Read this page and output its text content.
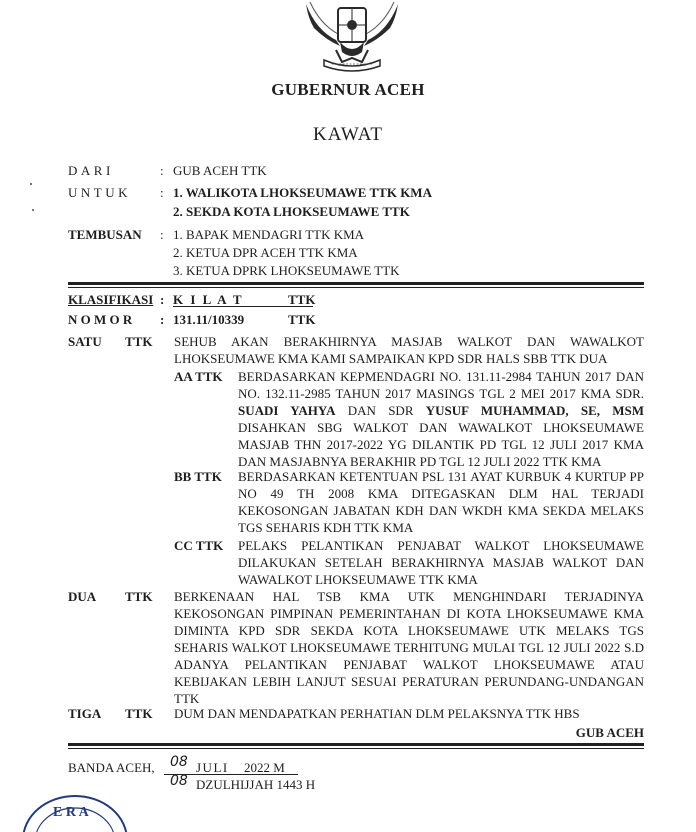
GUBERNUR ACEH
KAWAT
DARI	: GUB ACEH TTK
UNTUK : 1. WALIKOTA LHOKSEUMAWE TTK KMA
2. SEKDA KOTA LHOKSEUMAWE TTK
TEMBUSAN : 1. BAPAK MENDAGRI TTK KMA
2. KETUA DPR ACEH TTK KMA
3. KETUA DPRK LHOKSEUMAWE TTK
KLASIFIKASI : K I L A T	TTK
N O M O R : 131.11/10339	TTK
SATU TTK SEHUB AKAN BERAKHIRNYA MASJAB WALKOT DAN WAWALKOT LHOKSEUMAWE KMA KAMI SAMPAIKAN KPD SDR HALS SBB TTK DUA
AA TTK BERDASARKAN KEPMENDAGRI NO. 131.11-2984 TAHUN 2017 DAN NO. 132.11-2985 TAHUN 2017 MASINGS TGL 2 MEI 2017 KMA SDR. SUADI YAHYA DAN SDR YUSUF MUHAMMAD, SE, MSM DISAHKAN SBG WALKOT DAN WAWALKOT LHOKSEUMAWE MASJAB THN 2017-2022 YG DILANTIK PD TGL 12 JULI 2017 KMA DAN MASJABNYA BERAKHIR PD TGL 12 JULI 2022 TTK KMA
BB TTK BERDASARKAN KETENTUAN PSL 131 AYAT KURBUK 4 KURTUP PP NO 49 TH 2008 KMA DITEGASKAN DLM HAL TERJADI KEKOSONGAN JABATAN KDH DAN WKDH KMA SEKDA MELAKS TGS SEHARIS KDH TTK KMA
CC TTK PELAKS PELANTIKAN PENJABAT WALKOT LHOKSEUMAWE DILAKUKAN SETELAH BERAKHIRNYA MASJAB WALKOT DAN WAWALKOT LHOKSEUMAWE TTK KMA
DUA TTK BERKENAAN HAL TSB KMA UTK MENGHINDARI TERJADINYA KEKOSONGAN PIMPINAN PEMERINTAHAN DI KOTA LHOKSEUMAWE KMA DIMINTA KPD SDR SEKDA KOTA LHOKSEUMAWE UTK MELAKS TGS SEHARIS WALKOT LHOKSEUMAWE TERHITUNG MULAI TGL 12 JULI 2022 S.D ADANYA PELANTIKAN PENJABAT WALKOT LHOKSEUMAWE ATAU KEBIJAKAN LEBIH LANJUT SESUAI PERATURAN PERUNDANG-UNDANGAN TTK
TIGA TTK DUM DAN MENDAPATKAN PERHATIAN DLM PELAKSNYA TTK HBS
GUB ACEH
BANDA ACEH, 08 JULI 2022 M
08 DZULHIJJAH 1443 H
E R A
